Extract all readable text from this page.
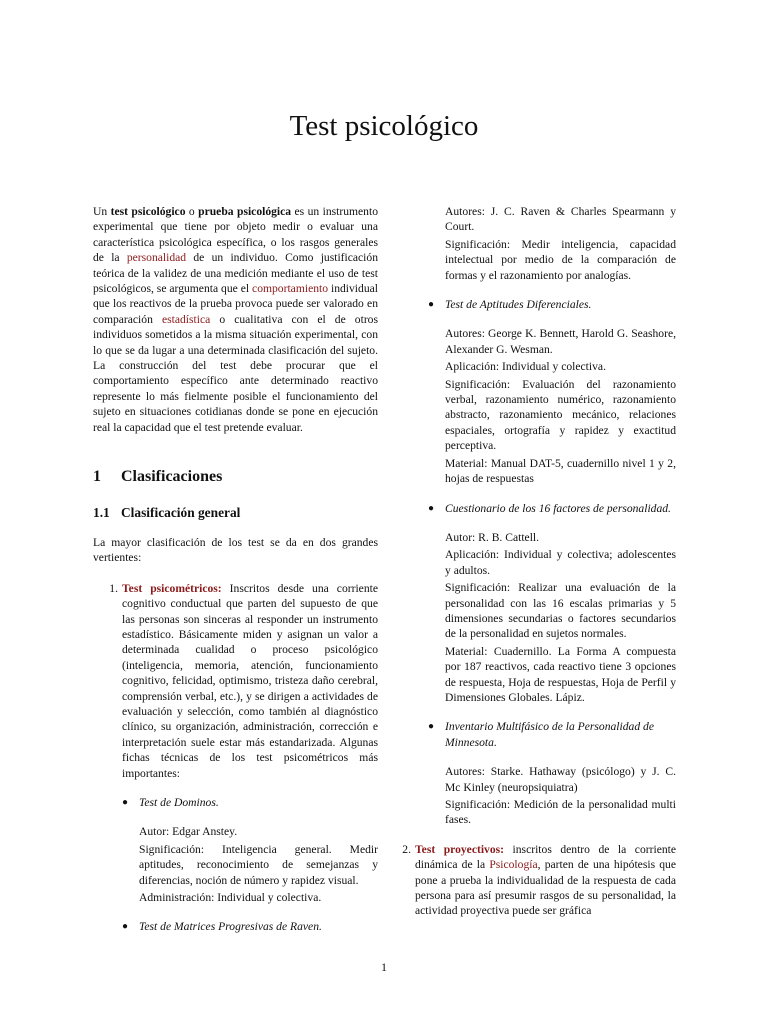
Test psicológico

Un test psicológico o prueba psicológica es un instrumento experimental que tiene por objeto medir o evaluar una característica psicológica específica, o los rasgos generales de la personalidad de un individuo. Como justificación teórica de la validez de una medición mediante el uso de test psicológicos, se argumenta que el comportamiento individual que los reactivos de la prueba provoca puede ser valorado en comparación estadística o cualitativa con el de otros individuos sometidos a la misma situación experimental, con lo que se da lugar a una determinada clasificación del sujeto. La construcción del test debe procurar que el comportamiento específico ante determinado reactivo represente lo más fielmente posible el funcionamiento del sujeto en situaciones cotidianas donde se pone en ejecución real la capacidad que el test pretende evaluar.

1 Clasificaciones
1.1 Clasificación general

La mayor clasificación de los test se da en dos grandes vertientes:

1. Test psicométricos: Inscritos desde una corriente cognitivo conductual que parten del supuesto de que las personas son sinceras al responder un instrumento estadístico. Básicamente miden y asignan un valor a determinada cualidad o proceso psicológico (inteligencia, memoria, atención, funcionamiento cognitivo, felicidad, optimismo, tristeza daño cerebral, comprensión verbal, etc.), y se dirigen a actividades de evaluación y selección, como también al diagnóstico clínico, su organización, administración, corrección e interpretación suele estar más estandarizada. Algunas fichas técnicas de los test psicométricos más importantes:

● Test de Dominos.

Autor: Edgar Anstey.

Significación: Inteligencia general. Medir aptitudes, reconocimiento de semejanzas y diferencias, noción de número y rapidez visual.

Administración: Individual y colectiva.

● Test de Matrices Progresivas de Raven.

Autores: J. C. Raven & Charles Spearmann y Court.

Significación: Medir inteligencia, capacidad intelectual por medio de la comparación de formas y el razonamiento por analogías.

● Test de Aptitudes Diferenciales.

Autores: George K. Bennett, Harold G. Seashore, Alexander G. Wesman.

Aplicación: Individual y colectiva.

Significación: Evaluación del razonamiento verbal, razonamiento numérico, razonamiento abstracto, razonamiento mecánico, relaciones espaciales, ortografía y rapidez y exactitud perceptiva.

Material: Manual DAT-5, cuadernillo nivel 1 y 2, hojas de respuestas

● Cuestionario de los 16 factores de personalidad.

Autor: R. B. Cattell.

Aplicación: Individual y colectiva; adolescentes y adultos.

Significación: Realizar una evaluación de la personalidad con las 16 escalas primarias y 5 dimensiones secundarias o factores secundarios de la personalidad en sujetos normales.

Material: Cuadernillo. La Forma A compuesta por 187 reactivos, cada reactivo tiene 3 opciones de respuesta, Hoja de respuestas, Hoja de Perfil y Dimensiones Globales. Lápiz.

● Inventario Multifásico de la Personalidad de Minnesota.

Autores: Starke. Hathaway (psicólogo) y J. C. Mc Kinley (neuropsiquiatra)

Significación: Medición de la personalidad multi fases.

2. Test proyectivos: inscritos dentro de la corriente dinámica de la Psicología, parten de una hipótesis que pone a prueba la individualidad de la respuesta de cada persona para así presumir rasgos de su personalidad, la actividad proyectiva puede ser gráfica

1
